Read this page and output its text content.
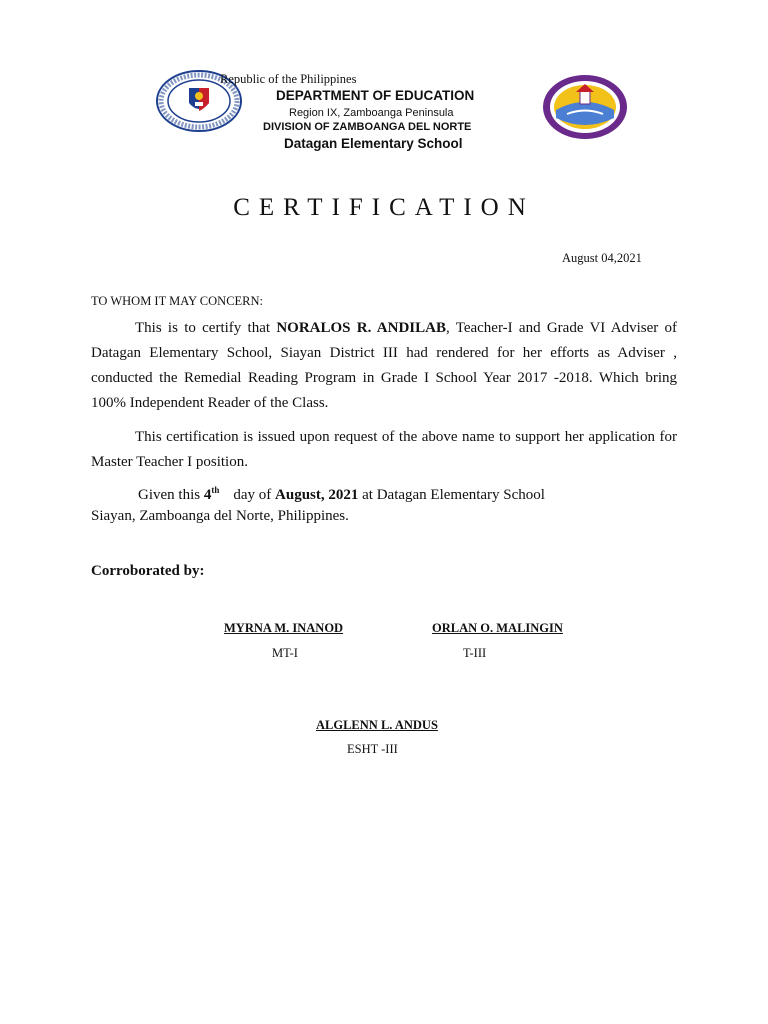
Republic of the Philippines
DEPARTMENT OF EDUCATION
Region IX, Zamboanga Peninsula
DIVISION OF ZAMBOANGA DEL NORTE
Datagan Elementary School
CERTIFICATION
August 04,2021
TO WHOM IT MAY CONCERN:
This is to certify that NORALOS R. ANDILAB, Teacher-I and Grade VI Adviser of Datagan Elementary School, Siayan District III had rendered for her efforts as Adviser , conducted the Remedial Reading Program in Grade I School Year 2017 -2018. Which bring 100% Independent Reader of the Class.
This certification is issued upon request of the above name to support her application for Master Teacher I position.
Given this 4th day of August, 2021 at Datagan Elementary School
Siayan, Zamboanga del Norte, Philippines.
Corroborated by:
MYRNA M. INANOD
MT-I
ORLAN O. MALINGIN
T-III
ALGLENN L. ANDUS
ESHT -III
